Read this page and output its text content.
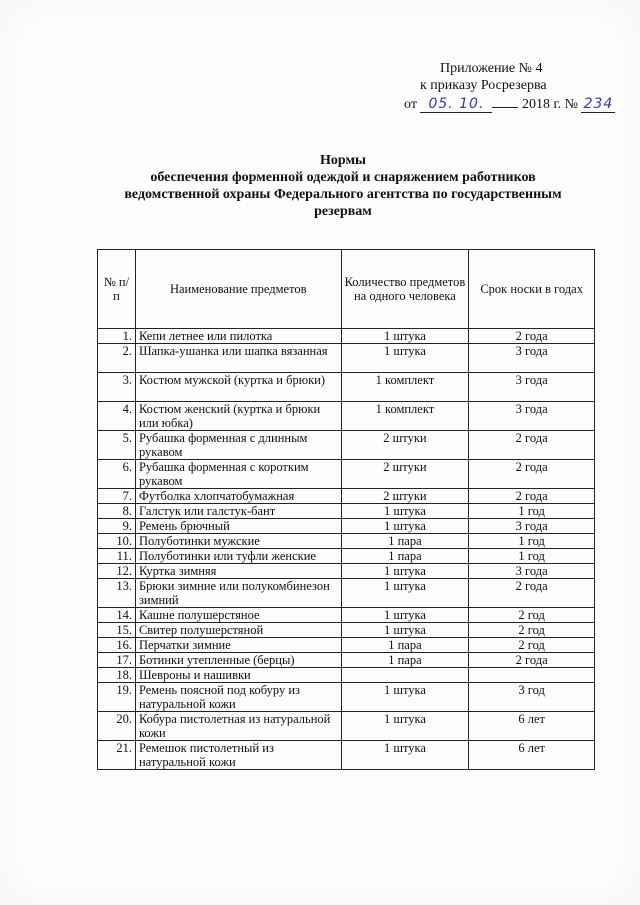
Приложение № 4
к приказу Росрезерва
от 05. 10.	2018 г. № 234
Нормы
обеспечения форменной одеждой и снаряжением работников
ведомственной охраны Федерального агентства по государственным
резервам
№ п/п	Наименование предметов	Количество предметов на одного человека	Срок носки в годах
1.	Кепи летнее или пилотка	1 штука	2 года
2.	Шапка-ушанка или шапка вязанная	1 штука	3 года
3.	Костюм мужской (куртка и брюки)	1 комплект	3 года
4.	Костюм женский (куртка и брюки или юбка)	1 комплект	3 года
5.	Рубашка форменная с длинным рукавом	2 штуки	2 года
6.	Рубашка форменная с коротким рукавом	2 штуки	2 года
7.	Футболка хлопчатобумажная	2 штуки	2 года
8.	Галстук или галстук-бант	1 штука	1 год
9.	Ремень брючный	1 штука	3 года
10.	Полуботинки мужские	1 пара	1 год
11.	Полуботинки или туфли женские	1 пара	1 год
12.	Куртка зимняя	1 штука	3 года
13.	Брюки зимние или полукомбинезон зимний	1 штука	2 года
14.	Кашне полушерстяное	1 штука	2 год
15.	Свитер полушерстяной	1 штука	2 год
16.	Перчатки зимние	1 пара	2 год
17.	Ботинки утепленные (берцы)	1 пара	2 года
18.	Шевроны и нашивки		
19.	Ремень поясной под кобуру из натуральной кожи	1 штука	3 год
20.	Кобура пистолетная из натуральной кожи	1 штука	6 лет
21.	Ремешок пистолетный из натуральной кожи	1 штука	6 лет
